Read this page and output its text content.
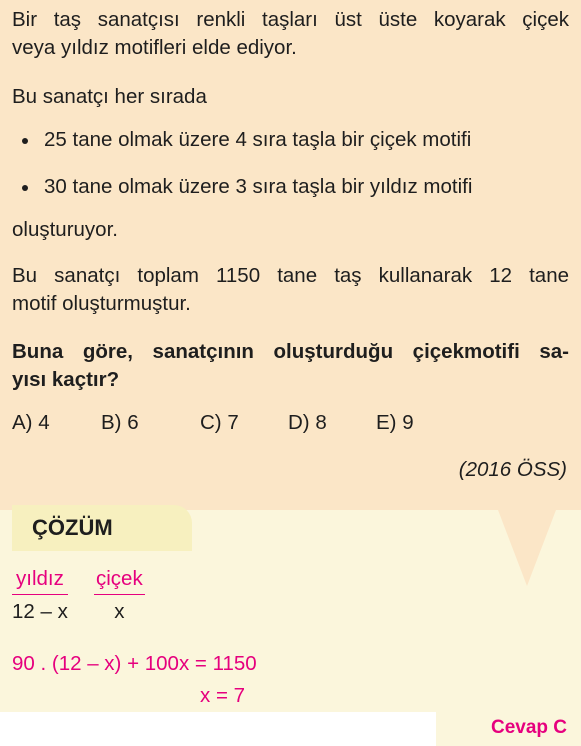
Bir taş sanatçısı renkli taşları üst üste koyarak çiçek
veya yıldız motifleri elde ediyor.
Bu sanatçı her sırada
25 tane olmak üzere 4 sıra taşla bir çiçek motifi
30 tane olmak üzere 3 sıra taşla bir yıldız motifi
oluşturuyor.
Bu sanatçı toplam 1150 tane taş kullanarak 12 tane
motif oluşturmuştur.
Buna göre, sanatçının oluşturduğu çiçekmotifi sa-
yısı kaçtır?
A) 4	B) 6	C) 7 D) 8 E) 9
(2016 ÖSS)
ÇÖZÜM
yıldız
12 – x
çiçek
x
90 . (12 – x) + 100x = 1150
x = 7
Cevap C
